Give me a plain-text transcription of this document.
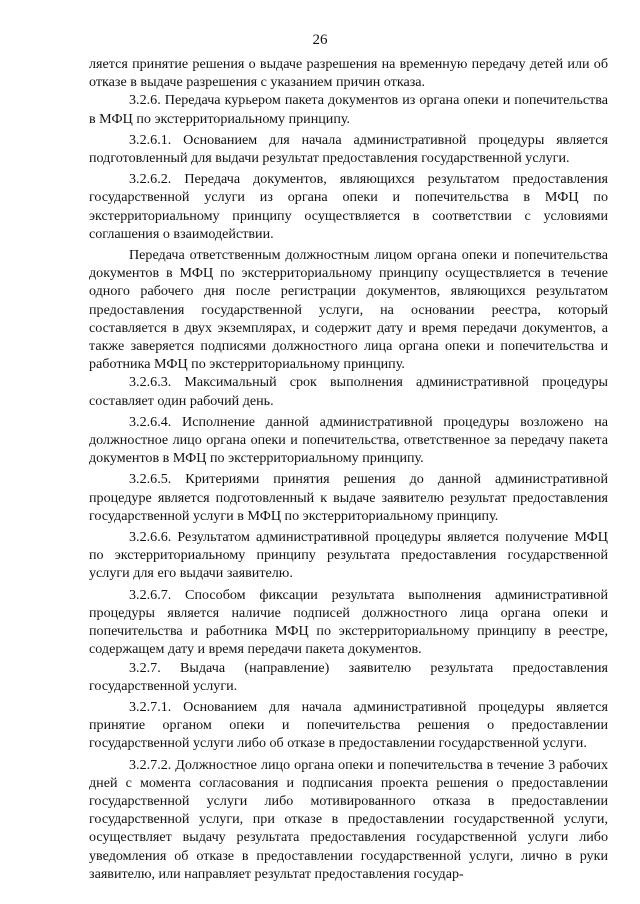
26

ляется принятие решения о выдаче разрешения на временную передачу детей или об отказе в выдаче разрешения с указанием причин отказа.

3.2.6. Передача курьером пакета документов из органа опеки и попечительства в МФЦ по экстерриториальному принципу.

3.2.6.1. Основанием для начала административной процедуры является подготовленный для выдачи результат предоставления государственной услуги.

3.2.6.2. Передача документов, являющихся результатом предоставления государственной услуги из органа опеки и попечительства в МФЦ по экстерриториальному принципу осуществляется в соответствии с условиями соглашения о взаимодействии.

Передача ответственным должностным лицом органа опеки и попечительства документов в МФЦ по экстерриториальному принципу осуществляется в течение одного рабочего дня после регистрации документов, являющихся результатом предоставления государственной услуги, на основании реестра, который составляется в двух экземплярах, и содержит дату и время передачи документов, а также заверяется подписями должностного лица органа опеки и попечительства и работника МФЦ по экстерриториальному принципу.

3.2.6.3. Максимальный срок выполнения административной процедуры составляет один рабочий день.

3.2.6.4. Исполнение данной административной процедуры возложено на должностное лицо органа опеки и попечительства, ответственное за передачу пакета документов в МФЦ по экстерриториальному принципу.

3.2.6.5. Критериями принятия решения до данной административной процедуре является подготовленный к выдаче заявителю результат предоставления государственной услуги в МФЦ по экстерриториальному принципу.

3.2.6.6. Результатом административной процедуры является получение МФЦ по экстерриториальному принципу результата предоставления государственной услуги для его выдачи заявителю.

3.2.6.7. Способом фиксации результата выполнения административной процедуры является наличие подписей должностного лица органа опеки и попечительства и работника МФЦ по экстерриториальному принципу в реестре, содержащем дату и время передачи пакета документов.

3.2.7. Выдача (направление) заявителю результата предоставления государственной услуги.

3.2.7.1. Основанием для начала административной процедуры является принятие органом опеки и попечительства решения о предоставлении государственной услуги либо об отказе в предоставлении государственной услуги.

3.2.7.2. Должностное лицо органа опеки и попечительства в течение 3 рабочих дней с момента согласования и подписания проекта решения о предоставлении государственной услуги либо мотивированного отказа в предоставлении государственной услуги, при отказе в предоставлении государственной услуги, осуществляет выдачу результата предоставления государственной услуги либо уведомления об отказе в предоставлении государственной услуги, лично в руки заявителю, или направляет результат предоставления государ-
